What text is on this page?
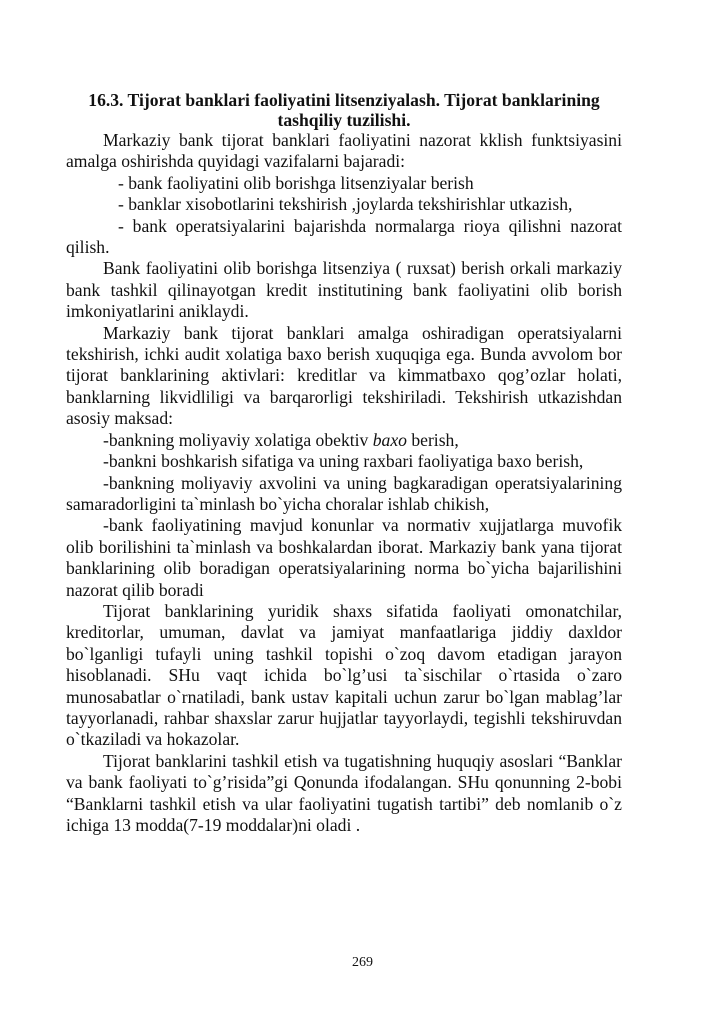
16.3. Tijorat banklari faoliyatini litsenziyalash. Tijorat banklarining tashqiliy tuzilishi.

Markaziy bank tijorat banklari faoliyatini nazorat kklish funktsiyasini amalga oshirishda quyidagi vazifalarni bajaradi:

- bank faoliyatini olib borishga litsenziyalar berish

- banklar xisobotlarini tekshirish ,joylarda tekshirishlar utkazish,

- bank operatsiyalarini bajarishda normalarga rioya qilishni nazorat qilish.

Bank faoliyatini olib borishga litsenziya ( ruxsat) berish orkali markaziy bank tashkil qilinayotgan kredit institutining bank faoliyatini olib borish imkoniyatlarini aniklaydi.

Markaziy bank tijorat banklari amalga oshiradigan operatsiyalarni tekshirish, ichki audit xolatiga baxo berish xuquqiga ega. Bunda avvolom bor tijorat banklarining aktivlari: kreditlar va kimmatbaxo qog’ozlar holati, banklarning likvidliligi va barqarorligi tekshiriladi. Tekshirish utkazishdan asosiy maksad:

-bankning moliyaviy xolatiga obektiv baxo berish,

-bankni boshkarish sifatiga va uning raxbari faoliyatiga baxo berish,

-bankning moliyaviy axvolini va uning bagkaradigan operatsiyalarining samaradorligini ta`minlash bo`yicha choralar ishlab chikish,

-bank faoliyatining mavjud konunlar va normativ xujjatlarga muvofik olib borilishini ta`minlash va boshkalardan iborat. Markaziy bank yana tijorat banklarining olib boradigan operatsiyalarining norma bo`yicha bajarilishini nazorat qilib boradi

Tijorat banklarining yuridik shaxs sifatida faoliyati omonatchilar, kreditorlar, umuman, davlat va jamiyat manfaatlariga jiddiy daxldor bo`lganligi tufayli uning tashkil topishi o`zoq davom etadigan jarayon hisoblanadi. SHu vaqt ichida bo`lg’usi ta`sischilar o`rtasida o`zaro munosabatlar o`rnatiladi, bank ustav kapitali uchun zarur bo`lgan mablag’lar tayyorlanadi, rahbar shaxslar zarur hujjatlar tayyorlaydi, tegishli tekshiruvdan o`tkaziladi va hokazolar.

Tijorat banklarini tashkil etish va tugatishning huquqiy asoslari “Banklar va bank faoliyati to`g’risida”gi Qonunda ifodalangan. SHu qonunning 2-bobi “Banklarni tashkil etish va ular faoliyatini tugatish tartibi” deb nomlanib o`z ichiga 13 modda(7-19 moddalar)ni oladi .

269
